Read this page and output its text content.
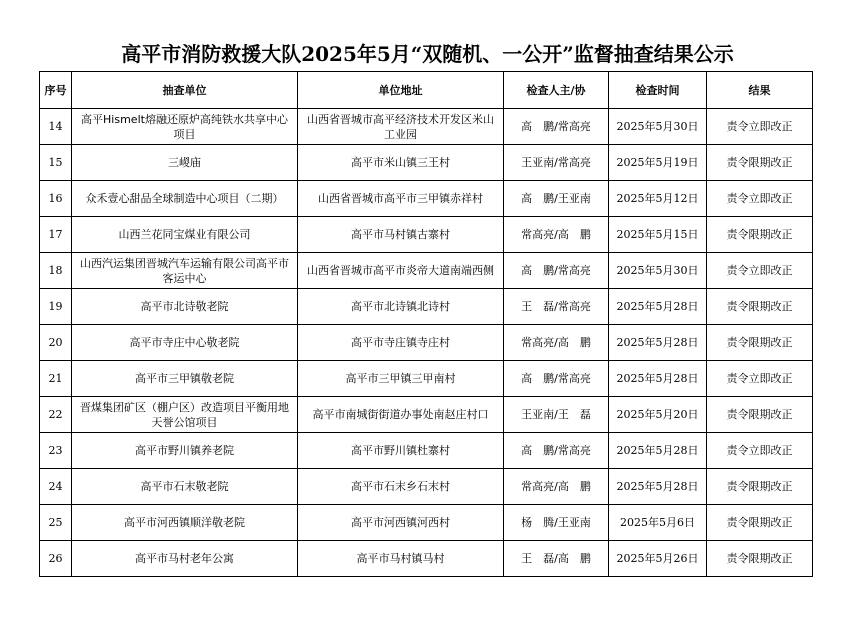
高平市消防救援大队2025年5月“双随机、一公开”监督抽查结果公示
序号	抽查单位	单位地址	检查人主/协	检查时间	结果
14	高平Hismelt熔融还原炉高纯铁水共享中心项目	山西省晋城市高平经济技术开发区米山工业园	高　鹏/常高亮	2025年5月30日	责令立即改正
15	三嵕庙	高平市米山镇三王村	王亚南/常高亮	2025年5月19日	责令限期改正
16	众禾壹心甜品全球制造中心项目（二期）	山西省晋城市高平市三甲镇赤祥村	高　鹏/王亚南	2025年5月12日	责令立即改正
17	山西兰花同宝煤业有限公司	高平市马村镇古寨村	常高亮/高　鹏	2025年5月15日	责令限期改正
18	山西汽运集团晋城汽车运输有限公司高平市客运中心	山西省晋城市高平市炎帝大道南端西侧	高　鹏/常高亮	2025年5月30日	责令立即改正
19	高平市北诗敬老院	高平市北诗镇北诗村	王　磊/常高亮	2025年5月28日	责令限期改正
20	高平市寺庄中心敬老院	高平市寺庄镇寺庄村	常高亮/高　鹏	2025年5月28日	责令限期改正
21	高平市三甲镇敬老院	高平市三甲镇三甲南村	高　鹏/常高亮	2025年5月28日	责令立即改正
22	晋煤集团矿区（棚户区）改造项目平衡用地天誉公馆项目	高平市南城街街道办事处南赵庄村口	王亚南/王　磊	2025年5月20日	责令限期改正
23	高平市野川镇养老院	高平市野川镇杜寨村	高　鹏/常高亮	2025年5月28日	责令立即改正
24	高平市石末敬老院	高平市石末乡石末村	常高亮/高　鹏	2025年5月28日	责令限期改正
25	高平市河西镇顺洋敬老院	高平市河西镇河西村	杨　腾/王亚南	2025年5月6日	责令限期改正
26	高平市马村老年公寓	高平市马村镇马村	王　磊/高　鹏	2025年5月26日	责令限期改正
